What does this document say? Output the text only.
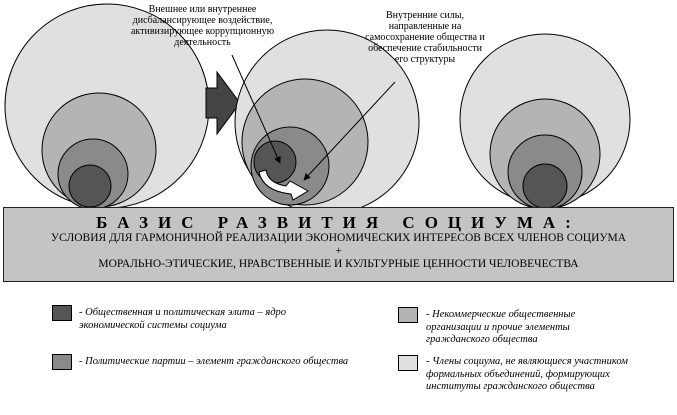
Внешнее или внутреннее дисбалансирующее воздействие, активизирующее коррупционную деятельность
Внутренние силы, направленные на самосохранение общества и обеспечение стабильности его структуры
БАЗИС РАЗВИТИЯ СОЦИУМА:
УСЛОВИЯ ДЛЯ ГАРМОНИЧНОЙ РЕАЛИЗАЦИИ ЭКОНОМИЧЕСКИХ ИНТЕРЕСОВ ВСЕХ ЧЛЕНОВ СОЦИУМА
+
МОРАЛЬНО-ЭТИЧЕСКИЕ, НРАВСТВЕННЫЕ И КУЛЬТУРНЫЕ ЦЕННОСТИ ЧЕЛОВЕЧЕСТВА
- Общественная и политическая элита – ядро экономической системы социума
- Политические партии – элемент гражданского общества
- Некоммерческие общественные организации и прочие элементы гражданского общества
- Члены социума, не являющиеся участником формальных объединений, формирующих институты гражданского общества
